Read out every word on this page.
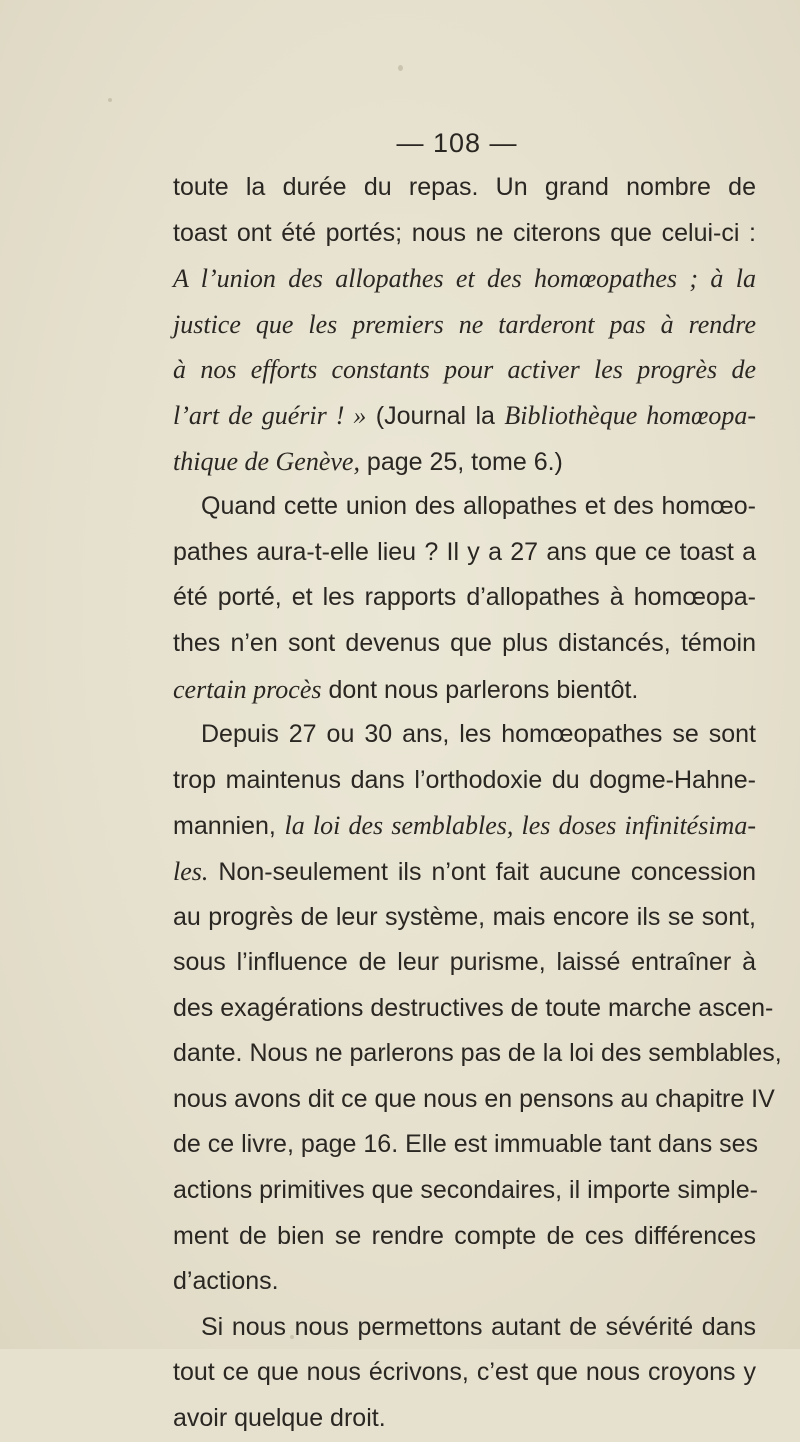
— 108 —
toute la durée du repas. Un grand nombre de
toast ont été portés; nous ne citerons que celui-ci :
A l’union des allopathes et des homœopathes ; à la
justice que les premiers ne tarderont pas à rendre
à nos efforts constants pour activer les progrès de
l’art de guérir ! » (Journal la Bibliothèque homœopa-
thique de Genève, page 25, tome 6.)
Quand cette union des allopathes et des homœo-
pathes aura-t-elle lieu ? Il y a 27 ans que ce toast a
été porté, et les rapports d’allopathes à homœopa-
thes n’en sont devenus que plus distancés, témoin
certain procès dont nous parlerons bientôt.
Depuis 27 ou 30 ans, les homœopathes se sont
trop maintenus dans l’orthodoxie du dogme-Hahne-
mannien, la loi des semblables, les doses infinitésima-
les. Non-seulement ils n’ont fait aucune concession
au progrès de leur système, mais encore ils se sont,
sous l’influence de leur purisme, laissé entraîner à
des exagérations destructives de toute marche ascen-
dante. Nous ne parlerons pas de la loi des semblables,
nous avons dit ce que nous en pensons au chapitre IV
de ce livre, page 16. Elle est immuable tant dans ses
actions primitives que secondaires, il importe simple-
ment de bien se rendre compte de ces différences
d’actions.
Si nous nous permettons autant de sévérité dans
tout ce que nous écrivons, c’est que nous croyons y
avoir quelque droit.
